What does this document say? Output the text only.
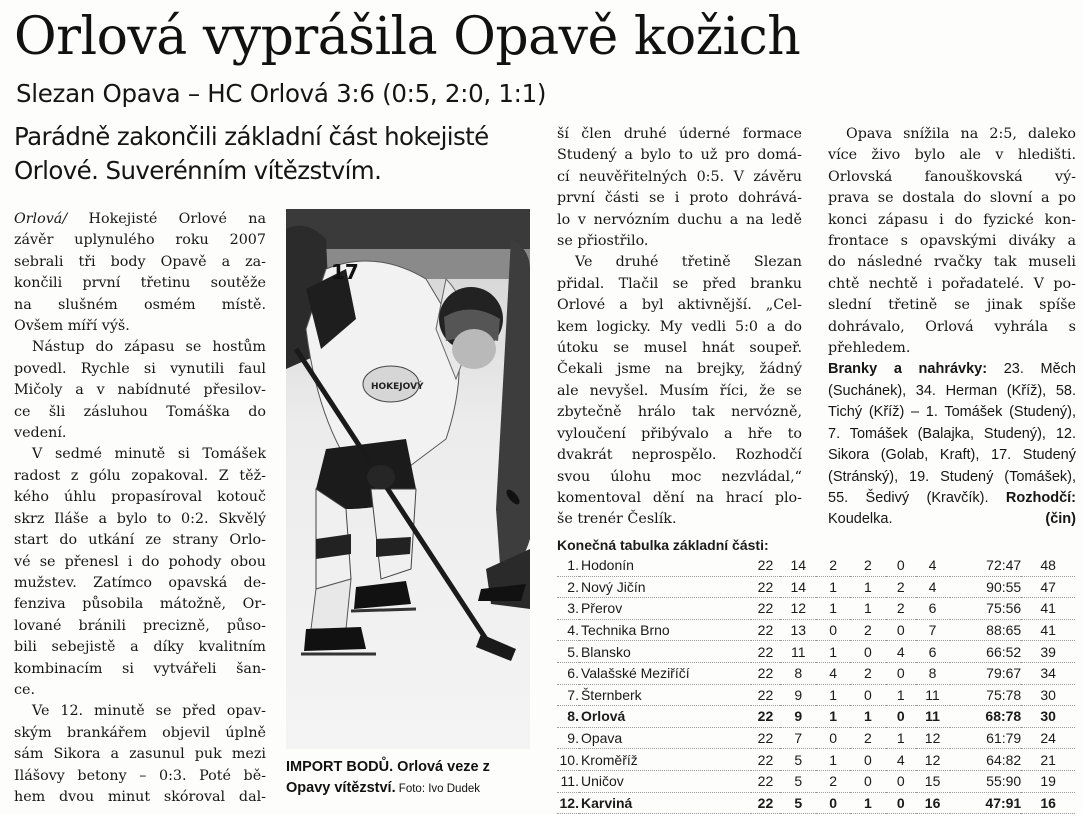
Orlová vyprášila Opavě kožich
Slezan Opava – HC Orlová 3:6 (0:5, 2:0, 1:1)
Parádně zakončili základní část hokejisté
Orlové. Suverénním vítězstvím.
Orlová/ Hokejisté Orlové na
závěr uplynulého roku 2007
sebrali tři body Opavě a za-
končili první třetinu soutěže
na slušném osmém místě.
Ovšem míří výš.
Nástup do zápasu se hostům
povedl. Rychle si vynutili faul
Mičoly a v nabídnuté přesilov-
ce šli zásluhou Tomáška do
vedení.
V sedmé minutě si Tomášek
radost z gólu zopakoval. Z těž-
kého úhlu propasíroval kotouč
skrz Iláše a bylo to 0:2. Skvělý
start do utkání ze strany Orlo-
vé se přenesl i do pohody obou
mužstev. Zatímco opavská de-
fenziva působila mátožně, Or-
lované bránili precizně, půso-
bili sebejistě a díky kvalitním
kombinacím si vytvářeli šan-
ce.
Ve 12. minutě se před opav-
ským brankářem objevil úplně
sám Sikora a zasunul puk mezi
Ilášovy betony – 0:3. Poté bě-
hem dvou minut skóroval dal-
HOKEJOVÝ
17
IMPORT BODŮ. Orlová veze z Opavy vítězství. Foto: Ivo Dudek
ší člen druhé úderné formace
Studený a bylo to už pro domá-
cí neuvěřitelných 0:5. V závěru
první části se i proto dohrává-
lo v nervózním duchu a na ledě
se přiostřilo.
Ve druhé třetině Slezan
přidal. Tlačil se před branku
Orlové a byl aktivnější. „Cel-
kem logicky. My vedli 5:0 a do
útoku se musel hnát soupeř.
Čekali jsme na brejky, žádný
ale nevyšel. Musím říci, že se
zbytečně hrálo tak nervózně,
vyloučení přibývalo a hře to
dvakrát neprospělo. Rozhodčí
svou úlohu moc nezvládal,“
komentoval dění na hrací plo-
še trenér Česlík.
Opava snížila na 2:5, daleko
více živo bylo ale v hledišti.
Orlovská fanouškovská vý-
prava se dostala do slovní a po
konci zápasu i do fyzické kon-
frontace s opavskými diváky a
do následné rvačky tak museli
chtě nechtě i pořadatelé. V po-
slední třetině se jinak spíše
dohrávalo, Orlová vyhrála s
přehledem.
Branky a nahrávky: 23. Měch
(Suchánek), 34. Herman (Kříž), 58.
Tichý (Kříž) – 1. Tomášek (Studený),
7. Tomášek (Balajka, Studený), 12.
Sikora (Golab, Kraft), 17. Studený
(Stránský), 19. Studený (Tomášek),
55. Šedivý (Kravčík). Rozhodčí:
Koudelka.	(čin)
Konečná tabulka základní části:
1.	Hodonín	22	14	2	2	0	4	72:47	48
2.	Nový Jičín	22	14	1	1	2	4	90:55	47
3.	Přerov	22	12	1	1	2	6	75:56	41
4.	Technika Brno	22	13	0	2	0	7	88:65	41
5.	Blansko	22	11	1	0	4	6	66:52	39
6.	Valašské Meziříčí	22	8	4	2	0	8	79:67	34
7.	Šternberk	22	9	1	0	1	11	75:78	30
8.	Orlová	22	9	1	1	0	11	68:78	30
9.	Opava	22	7	0	2	1	12	61:79	24
10.	Kroměříž	22	5	1	0	4	12	64:82	21
11.	Uničov	22	5	2	0	0	15	55:90	19
12.	Karviná	22	5	0	1	0	16	47:91	16
